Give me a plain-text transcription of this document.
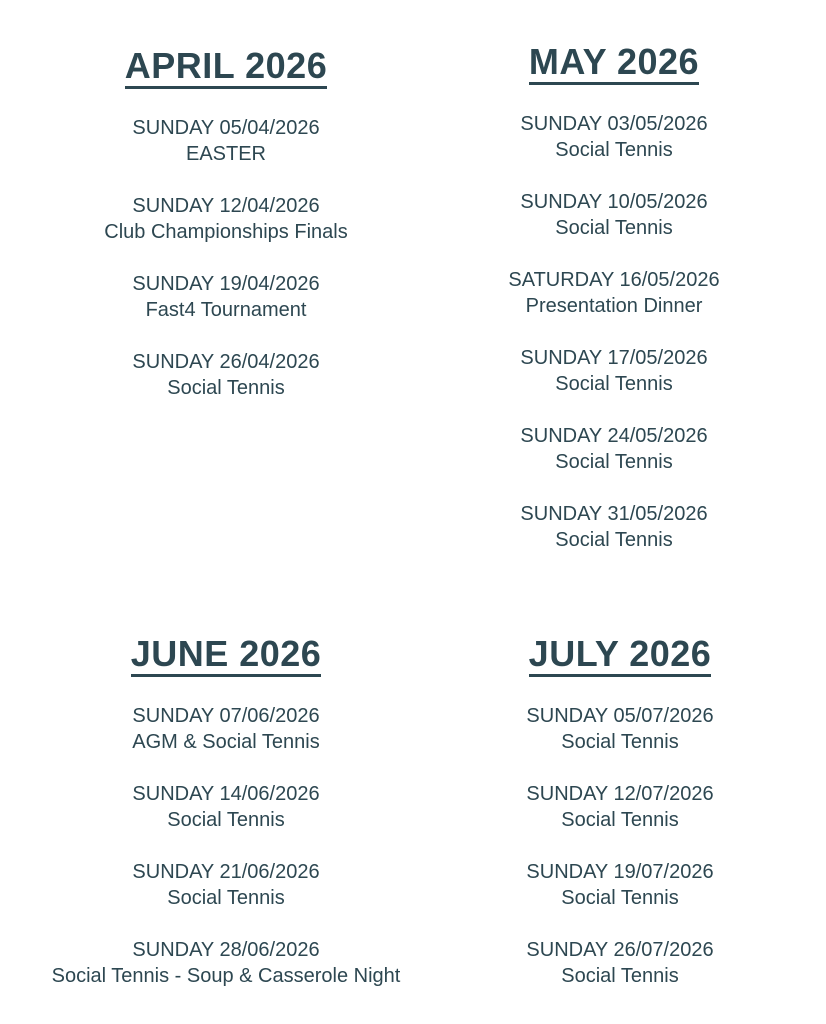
APRIL 2026
SUNDAY 05/04/2026
EASTER
SUNDAY 12/04/2026
Club Championships Finals
SUNDAY 19/04/2026
Fast4 Tournament
SUNDAY 26/04/2026
Social Tennis
MAY 2026
SUNDAY 03/05/2026
Social Tennis
SUNDAY 10/05/2026
Social Tennis
SATURDAY 16/05/2026
Presentation Dinner
SUNDAY 17/05/2026
Social Tennis
SUNDAY 24/05/2026
Social Tennis
SUNDAY 31/05/2026
Social Tennis
JUNE 2026
SUNDAY 07/06/2026
AGM & Social Tennis
SUNDAY 14/06/2026
Social Tennis
SUNDAY 21/06/2026
Social Tennis
SUNDAY 28/06/2026
Social Tennis - Soup & Casserole Night
JULY 2026
SUNDAY 05/07/2026
Social Tennis
SUNDAY 12/07/2026
Social Tennis
SUNDAY 19/07/2026
Social Tennis
SUNDAY 26/07/2026
Social Tennis
